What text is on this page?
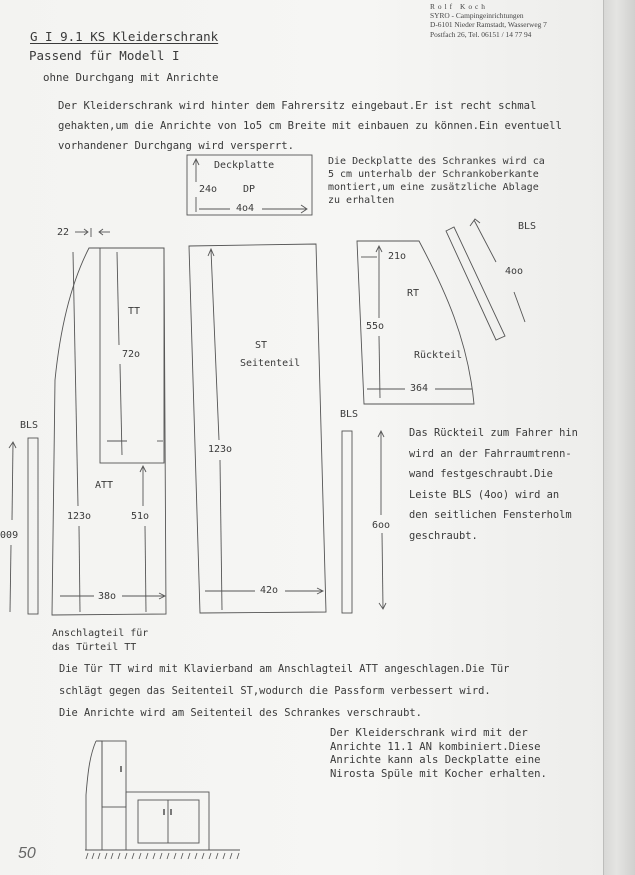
Rolf Koch
SYRO - Campingeinrichtungen
D-6101 Nieder Ramstadt, Wasserweg 7
Postfach 26, Tel. 06151 / 14 77 94
G I 9.1 KS Kleiderschrank
Passend für Modell I
ohne Durchgang mit Anrichte
Der Kleiderschrank wird hinter dem Fahrersitz eingebaut.Er ist recht schmal
gehakten,um die Anrichte von 1o5 cm Breite mit einbauen zu können.Ein eventuell
vorhandener Durchgang wird versperrt.
Deckplatte
24o	DP
4o4
Die Deckplatte des Schrankes wird ca
5 cm unterhalb der Schrankoberkante
montiert,um eine zusätzliche Ablage
zu erhalten
22
TT
72o
ATT
123o	51o
38o
Anschlagteil für
das Türteil TT
BLS
600
ST
Seitenteil
123o
42o
21o
RT
55o
Rückteil
364
BLS
4oo
BLS
6oo
Das Rückteil zum Fahrer hin
wird an der Fahrraumtrenn-
wand festgeschraubt.Die
Leiste BLS (4oo) wird an
den seitlichen Fensterholm
geschraubt.
Die Tür TT wird mit Klavierband am Anschlagteil ATT angeschlagen.Die Tür
schlägt gegen das Seitenteil ST,wodurch die Passform verbessert wird.
Die Anrichte wird am Seitenteil des Schrankes verschraubt.
Der Kleiderschrank wird mit der
Anrichte 11.1 AN kombiniert.Diese
Anrichte kann als Deckplatte eine
Nirosta Spüle mit Kocher erhalten.
50
